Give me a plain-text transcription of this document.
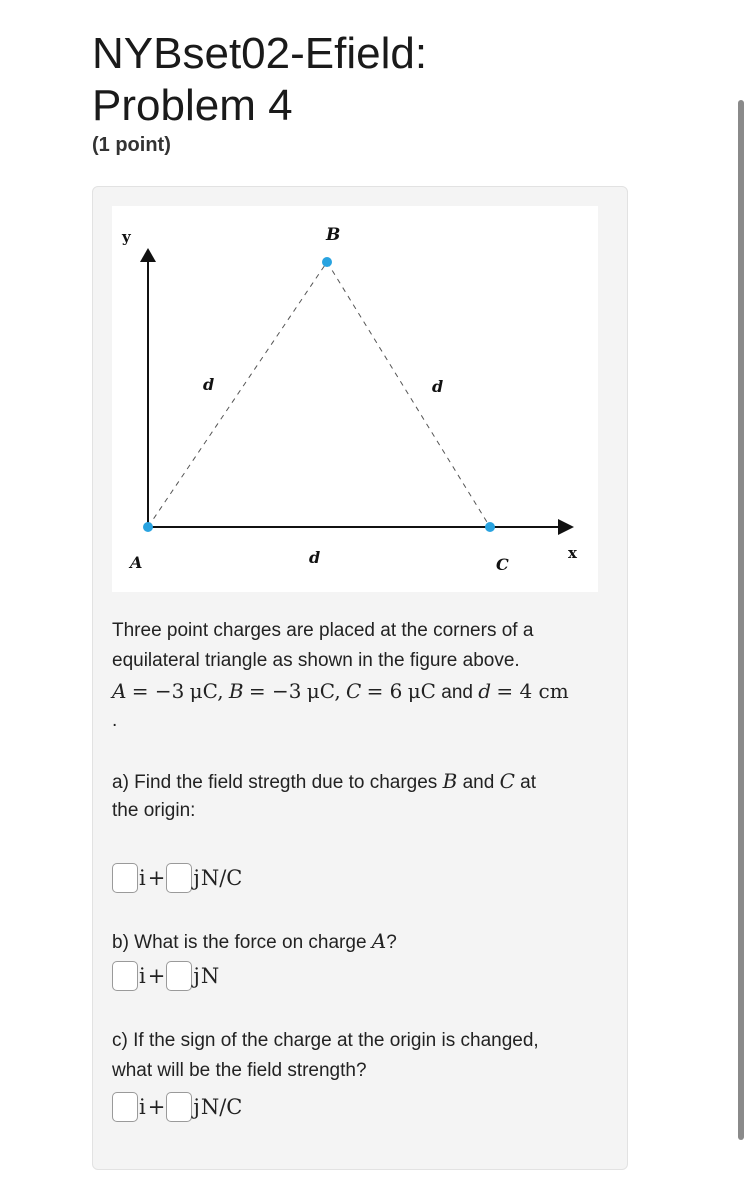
NYBset02-Efield:
Problem 4
(1 point)
y
x
B
A	C
d	d
d
Three point charges are placed at the corners of a
equilateral triangle as shown in the figure above.
A = −3 μC, B = −3 μC, C = 6 μC and d = 4 cm
.
a) Find the field stregth due to charges B and C at
the origin:
i + j N/C
b) What is the force on charge A?
i + j N
c) If the sign of the charge at the origin is changed,
what will be the field strength?
i + j N/C
